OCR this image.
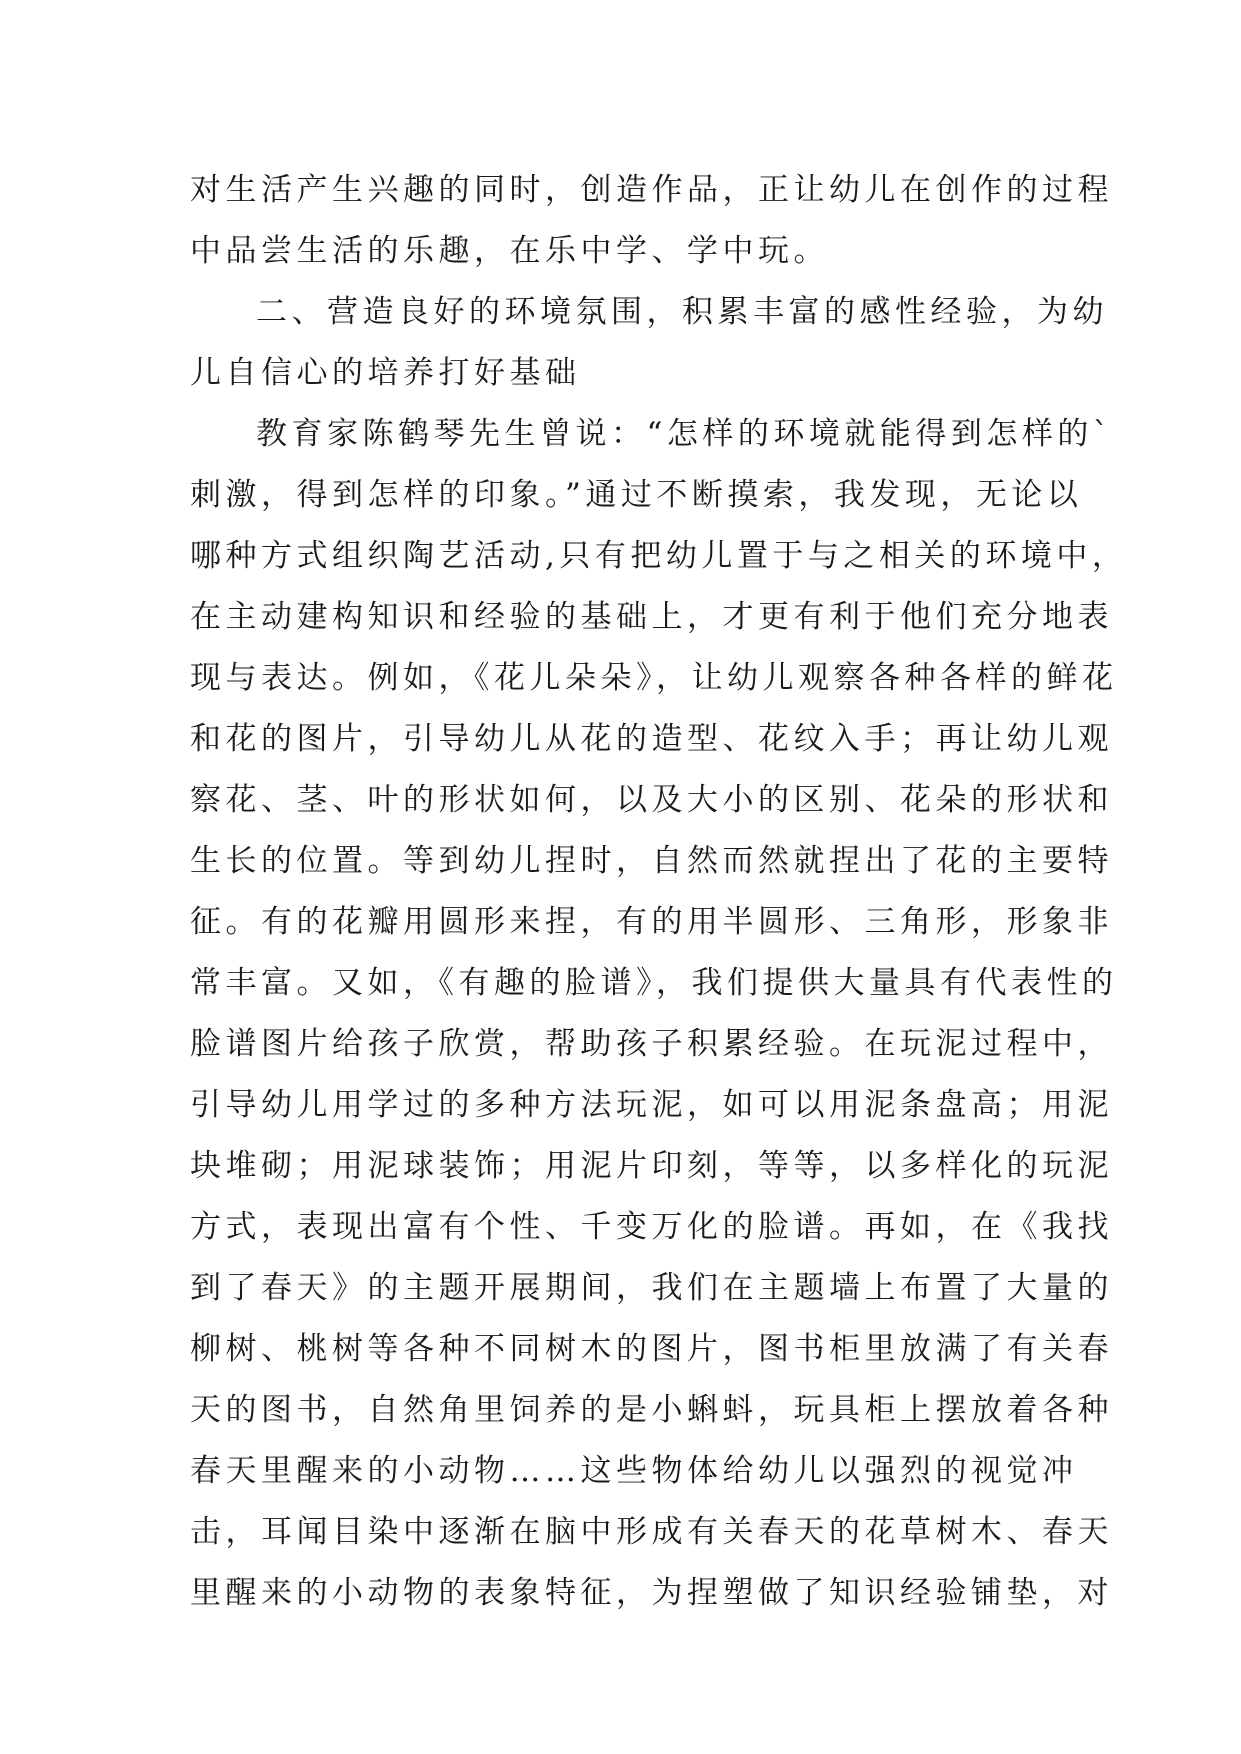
对生活产生兴趣的同时，创造作品，正让幼儿在创作的过程
中品尝生活的乐趣，在乐中学、学中玩。
二、营造良好的环境氛围，积累丰富的感性经验，为幼
儿自信心的培养打好基础
教育家陈鹤琴先生曾说：“怎样的环境就能得到怎样的`
刺激，得到怎样的印象。”通过不断摸索，我发现，无论以
哪种方式组织陶艺活动,只有把幼儿置于与之相关的环境中，
在主动建构知识和经验的基础上，才更有利于他们充分地表
现与表达。例如，《花儿朵朵》，让幼儿观察各种各样的鲜花
和花的图片，引导幼儿从花的造型、花纹入手；再让幼儿观
察花、茎、叶的形状如何，以及大小的区别、花朵的形状和
生长的位置。等到幼儿捏时，自然而然就捏出了花的主要特
征。有的花瓣用圆形来捏，有的用半圆形、三角形，形象非
常丰富。又如，《有趣的脸谱》，我们提供大量具有代表性的
脸谱图片给孩子欣赏，帮助孩子积累经验。在玩泥过程中，
引导幼儿用学过的多种方法玩泥，如可以用泥条盘高；用泥
块堆砌；用泥球装饰；用泥片印刻，等等，以多样化的玩泥
方式，表现出富有个性、千变万化的脸谱。再如，在《我找
到了春天》的主题开展期间，我们在主题墙上布置了大量的
柳树、桃树等各种不同树木的图片，图书柜里放满了有关春
天的图书，自然角里饲养的是小蝌蚪，玩具柜上摆放着各种
春天里醒来的小动物……这些物体给幼儿以强烈的视觉冲
击，耳闻目染中逐渐在脑中形成有关春天的花草树木、春天
里醒来的小动物的表象特征，为捏塑做了知识经验铺垫，对
